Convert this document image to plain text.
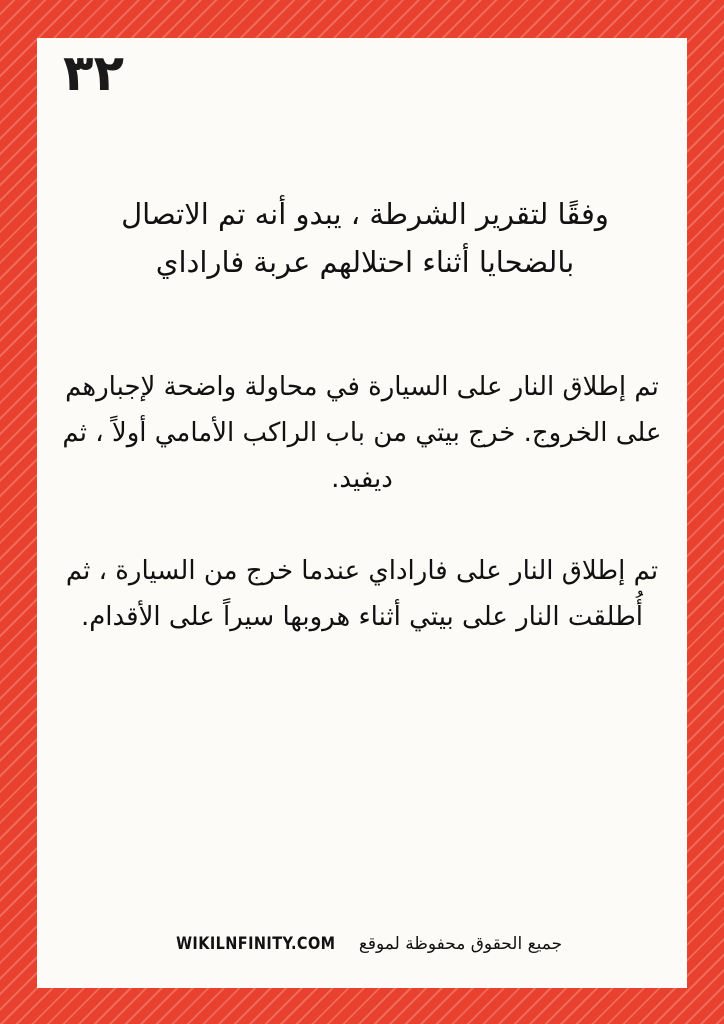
٣٢

وفقًا لتقرير الشرطة ، يبدو أنه تم الاتصال بالضحايا أثناء احتلالهم عربة فاراداي

تم إطلاق النار على السيارة في محاولة واضحة لإجبارهم على الخروج. خرج بيتي من باب الراكب الأمامي أولاً ، ثم ديفيد.

تم إطلاق النار على فاراداي عندما خرج من السيارة ، ثم أُطلقت النار على بيتي أثناء هروبها سيراً على الأقدام.

WIKILNFINITY.COM جميع الحقوق محفوظة لموقع
